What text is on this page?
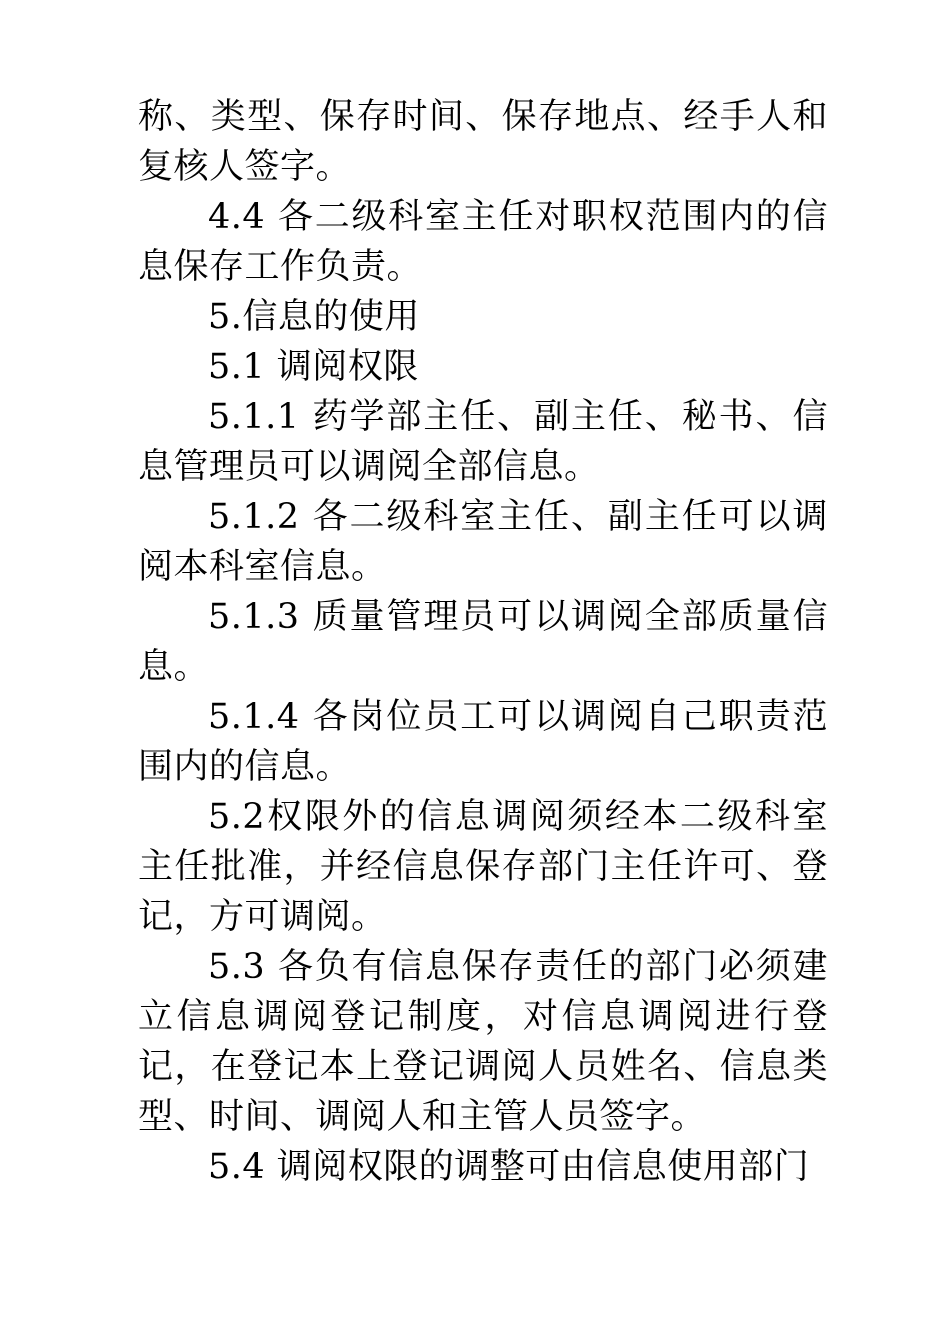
称、类型、保存时间、保存地点、经手人和复核人签字。

4.4 各二级科室主任对职权范围内的信息保存工作负责。

5.信息的使用

5.1 调阅权限

5.1.1 药学部主任、副主任、秘书、信息管理员可以调阅全部信息。

5.1.2 各二级科室主任、副主任可以调阅本科室信息。

5.1.3 质量管理员可以调阅全部质量信息。

5.1.4 各岗位员工可以调阅自己职责范围内的信息。

5.2权限外的信息调阅须经本二级科室主任批准，并经信息保存部门主任许可、登记，方可调阅。

5.3 各负有信息保存责任的部门必须建立信息调阅登记制度，对信息调阅进行登记，在登记本上登记调阅人员姓名、信息类型、时间、调阅人和主管人员签字。

5.4 调阅权限的调整可由信息使用部门
